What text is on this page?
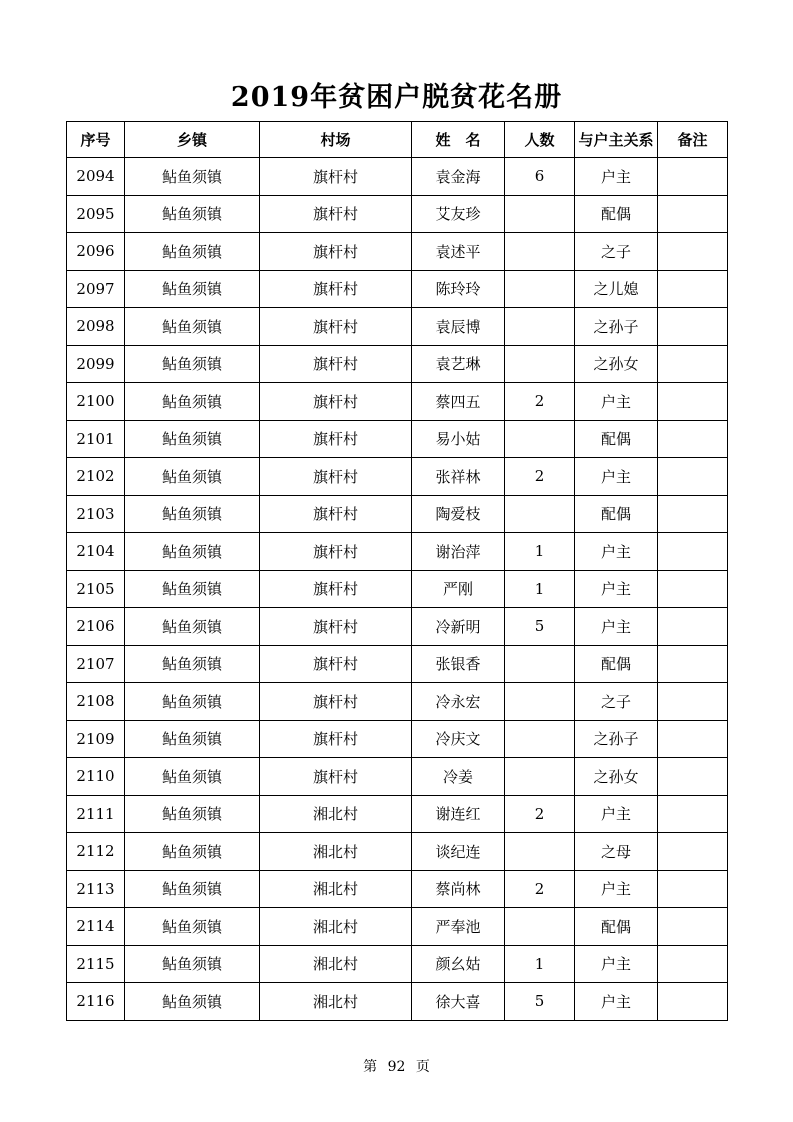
2019年贫困户脱贫花名册
序号	乡镇	村场	姓　名	人数	与户主关系	备注
2094	鲇鱼须镇	旗杆村	袁金海	6	户主	
2095	鲇鱼须镇	旗杆村	艾友珍		配偶	
2096	鲇鱼须镇	旗杆村	袁述平		之子	
2097	鲇鱼须镇	旗杆村	陈玲玲		之儿媳	
2098	鲇鱼须镇	旗杆村	袁辰博		之孙子	
2099	鲇鱼须镇	旗杆村	袁艺琳		之孙女	
2100	鲇鱼须镇	旗杆村	蔡四五	2	户主	
2101	鲇鱼须镇	旗杆村	易小姑		配偶	
2102	鲇鱼须镇	旗杆村	张祥林	2	户主	
2103	鲇鱼须镇	旗杆村	陶爱枝		配偶	
2104	鲇鱼须镇	旗杆村	谢治萍	1	户主	
2105	鲇鱼须镇	旗杆村	严刚	1	户主	
2106	鲇鱼须镇	旗杆村	冷新明	5	户主	
2107	鲇鱼须镇	旗杆村	张银香		配偶	
2108	鲇鱼须镇	旗杆村	冷永宏		之子	
2109	鲇鱼须镇	旗杆村	冷庆文		之孙子	
2110	鲇鱼须镇	旗杆村	冷姜		之孙女	
2111	鲇鱼须镇	湘北村	谢连红	2	户主	
2112	鲇鱼须镇	湘北村	谈纪连		之母	
2113	鲇鱼须镇	湘北村	蔡尚林	2	户主	
2114	鲇鱼须镇	湘北村	严奉池		配偶	
2115	鲇鱼须镇	湘北村	颜幺姑	1	户主	
2116	鲇鱼须镇	湘北村	徐大喜	5	户主	
第 92 页
